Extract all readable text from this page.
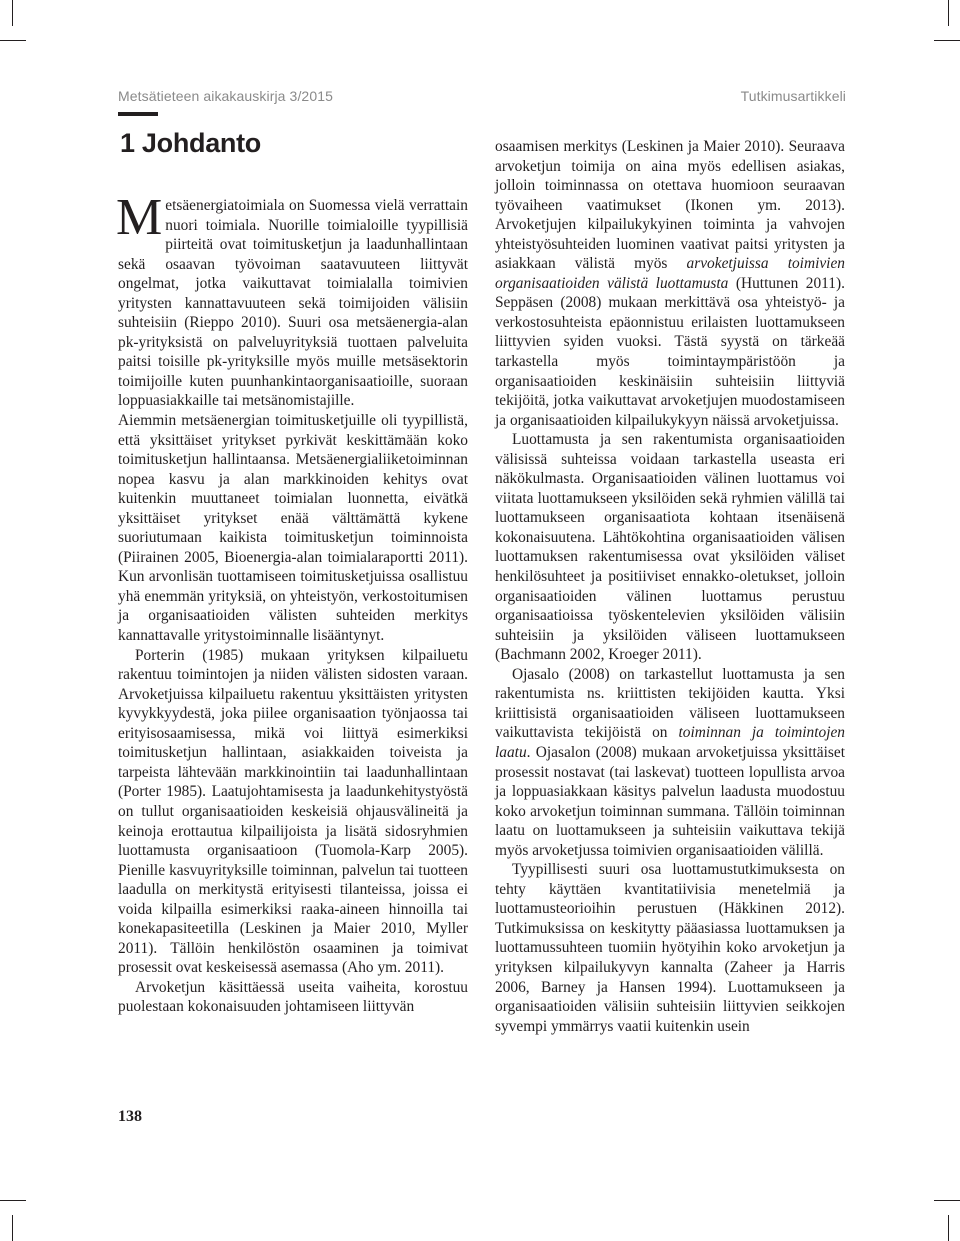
Metsätieteen aikakauskirja 3/2015	Tutkimusartikkeli
1 Johdanto

Metsäenergiatoimiala on Suomessa vielä verrattain nuori toimiala. Nuorille toimialoille tyypillisiä piirteitä ovat toimitusketjun ja laadunhallintaan sekä osaavan työvoiman saatavuuteen liittyvät ongelmat, jotka vaikuttavat toimialalla toimivien yritysten kannattavuuteen sekä toimijoiden välisiin suhteisiin (Rieppo 2010). Suuri osa metsäenergia-alan pk-yrityksistä on palveluyrityksiä tuottaen palveluita paitsi toisille pk-yrityksille myös muille metsäsektorin toimijoille kuten puunhankintaorganisaatioille, suoraan loppuasiakkaille tai metsänomistajille.

Aiemmin metsäenergian toimitusketjuille oli tyypillistä, että yksittäiset yritykset pyrkivät keskittämään koko toimitusketjun hallintaansa. Metsäenergialiiketoiminnan nopea kasvu ja alan markkinoiden kehitys ovat kuitenkin muuttaneet toimialan luonnetta, eivätkä yksittäiset yritykset enää välttämättä kykene suoriutumaan kaikista toimitusketjun toiminnoista (Piirainen 2005, Bioenergia-alan toimialaraportti 2011). Kun arvonlisän tuottamiseen toimitusketjuissa osallistuu yhä enemmän yrityksiä, on yhteistyön, verkostoitumisen ja organisaatioiden välisten suhteiden merkitys kannattavalle yritystoiminnalle lisääntynyt.

Porterin (1985) mukaan yrityksen kilpailuetu rakentuu toimintojen ja niiden välisten sidosten varaan. Arvoketjuissa kilpailuetu rakentuu yksittäisten yritysten kyvykkyydestä, joka piilee organisaation työnjaossa tai erityisosaamisessa, mikä voi liittyä esimerkiksi toimitusketjun hallintaan, asiakkaiden toiveista ja tarpeista lähtevään markkinointiin tai laadunhallintaan (Porter 1985). Laatujohtamisesta ja laadunkehitystyöstä on tullut organisaatioiden keskeisiä ohjausvälineitä ja keinoja erottautua kilpailijoista ja lisätä sidosryhmien luottamusta organisaatioon (Tuomola-Karp 2005). Pienille kasvuyrityksille toiminnan, palvelun tai tuotteen laadulla on merkitystä erityisesti tilanteissa, joissa ei voida kilpailla esimerkiksi raaka-aineen hinnoilla tai konekapasiteetilla (Leskinen ja Maier 2010, Myller 2011). Tällöin henkilöstön osaaminen ja toimivat prosessit ovat keskeisessä asemassa (Aho ym. 2011).

Arvoketjun käsittäessä useita vaiheita, korostuu puolestaan kokonaisuuden johtamiseen liittyvän

osaamisen merkitys (Leskinen ja Maier 2010). Seuraava arvoketjun toimija on aina myös edellisen asiakas, jolloin toiminnassa on otettava huomioon seuraavan työvaiheen vaatimukset (Ikonen ym. 2013). Arvoketjujen kilpailukykyinen toiminta ja vahvojen yhteistyösuhteiden luominen vaativat paitsi yritysten ja asiakkaan välistä myös arvoketjuissa toimivien organisaatioiden välistä luottamusta (Huttunen 2011). Seppäsen (2008) mukaan merkittävä osa yhteistyö- ja verkostosuhteista epäonnistuu erilaisten luottamukseen liittyvien syiden vuoksi. Tästä syystä on tärkeää tarkastella myös toimintaympäristöön ja organisaatioiden keskinäisiin suhteisiin liittyviä tekijöitä, jotka vaikuttavat arvoketjujen muodostamiseen ja organisaatioiden kilpailukykyyn näissä arvoketjuissa.

Luottamusta ja sen rakentumista organisaatioiden välisissä suhteissa voidaan tarkastella useasta eri näkökulmasta. Organisaatioiden välinen luottamus voi viitata luottamukseen yksilöiden sekä ryhmien välillä tai luottamukseen organisaatiota kohtaan itsenäisenä kokonaisuutena. Lähtökohtina organisaatioiden välisen luottamuksen rakentumisessa ovat yksilöiden väliset henkilösuhteet ja positiiviset ennakko-oletukset, jolloin organisaatioiden välinen luottamus perustuu organisaatioissa työskentelevien yksilöiden välisiin suhteisiin ja yksilöiden väliseen luottamukseen (Bachmann 2002, Kroeger 2011).

Ojasalo (2008) on tarkastellut luottamusta ja sen rakentumista ns. kriittisten tekijöiden kautta. Yksi kriittisistä organisaatioiden väliseen luottamukseen vaikuttavista tekijöistä on toiminnan ja toimintojen laatu. Ojasalon (2008) mukaan arvoketjuissa yksittäiset prosessit nostavat (tai laskevat) tuotteen lopullista arvoa ja loppuasiakkaan käsitys palvelun laadusta muodostuu koko arvoketjun toiminnan summana. Tällöin toiminnan laatu on luottamukseen ja suhteisiin vaikuttava tekijä myös arvoketjussa toimivien organisaatioiden välillä.

Tyypillisesti suuri osa luottamustutkimuksesta on tehty käyttäen kvantitatiivisia menetelmiä ja luottamusteorioihin perustuen (Häkkinen 2012). Tutkimuksissa on keskitytty pääasiassa luottamuksen ja luottamussuhteen tuomiin hyötyihin koko arvoketjun ja yrityksen kilpailukyvyn kannalta (Zaheer ja Harris 2006, Barney ja Hansen 1994). Luottamukseen ja organisaatioiden välisiin suhteisiin liittyvien seikkojen syvempi ymmärrys vaatii kuitenkin usein

138
